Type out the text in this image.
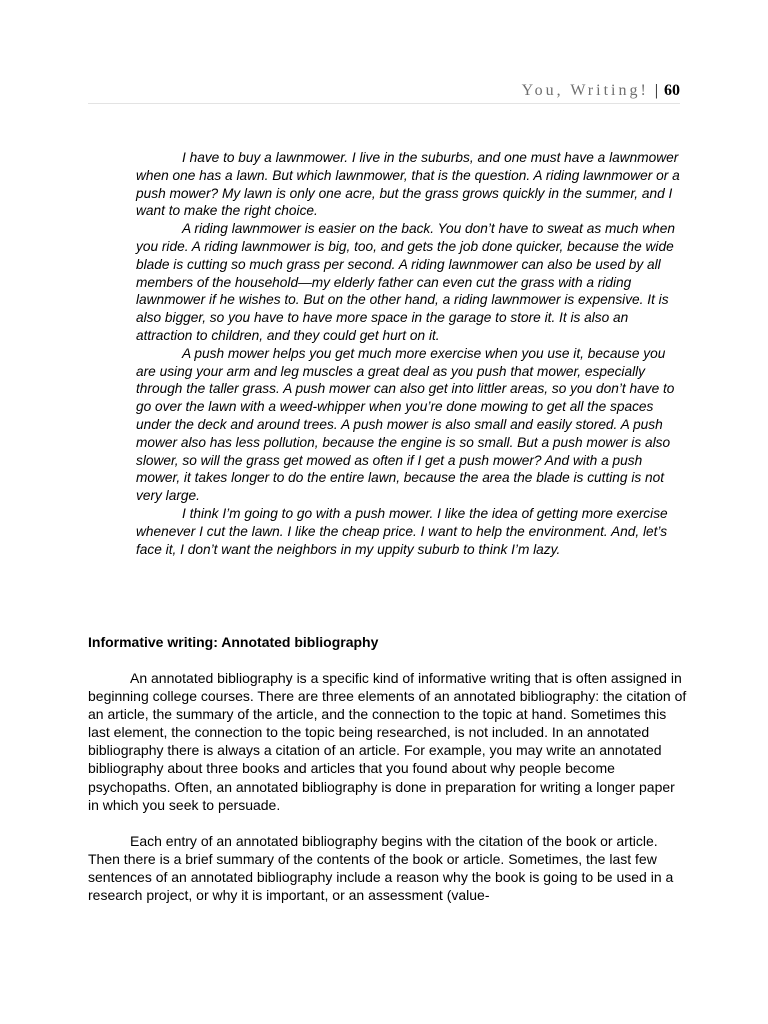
You, Writing! | 60

I have to buy a lawnmower. I live in the suburbs, and one must have a lawnmower when one has a lawn. But which lawnmower, that is the question. A riding lawnmower or a push mower? My lawn is only one acre, but the grass grows quickly in the summer, and I want to make the right choice.

A riding lawnmower is easier on the back. You don’t have to sweat as much when you ride. A riding lawnmower is big, too, and gets the job done quicker, because the wide blade is cutting so much grass per second. A riding lawnmower can also be used by all members of the household—my elderly father can even cut the grass with a riding lawnmower if he wishes to. But on the other hand, a riding lawnmower is expensive. It is also bigger, so you have to have more space in the garage to store it. It is also an attraction to children, and they could get hurt on it.

A push mower helps you get much more exercise when you use it, because you are using your arm and leg muscles a great deal as you push that mower, especially through the taller grass. A push mower can also get into littler areas, so you don’t have to go over the lawn with a weed-whipper when you’re done mowing to get all the spaces under the deck and around trees. A push mower is also small and easily stored. A push mower also has less pollution, because the engine is so small. But a push mower is also slower, so will the grass get mowed as often if I get a push mower? And with a push mower, it takes longer to do the entire lawn, because the area the blade is cutting is not very large.

I think I’m going to go with a push mower. I like the idea of getting more exercise whenever I cut the lawn. I like the cheap price. I want to help the environment. And, let’s face it, I don’t want the neighbors in my uppity suburb to think I’m lazy.

Informative writing: Annotated bibliography

An annotated bibliography is a specific kind of informative writing that is often assigned in beginning college courses. There are three elements of an annotated bibliography: the citation of an article, the summary of the article, and the connection to the topic at hand. Sometimes this last element, the connection to the topic being researched, is not included. In an annotated bibliography there is always a citation of an article. For example, you may write an annotated bibliography about three books and articles that you found about why people become psychopaths. Often, an annotated bibliography is done in preparation for writing a longer paper in which you seek to persuade.

Each entry of an annotated bibliography begins with the citation of the book or article. Then there is a brief summary of the contents of the book or article. Sometimes, the last few sentences of an annotated bibliography include a reason why the book is going to be used in a research project, or why it is important, or an assessment (value-
